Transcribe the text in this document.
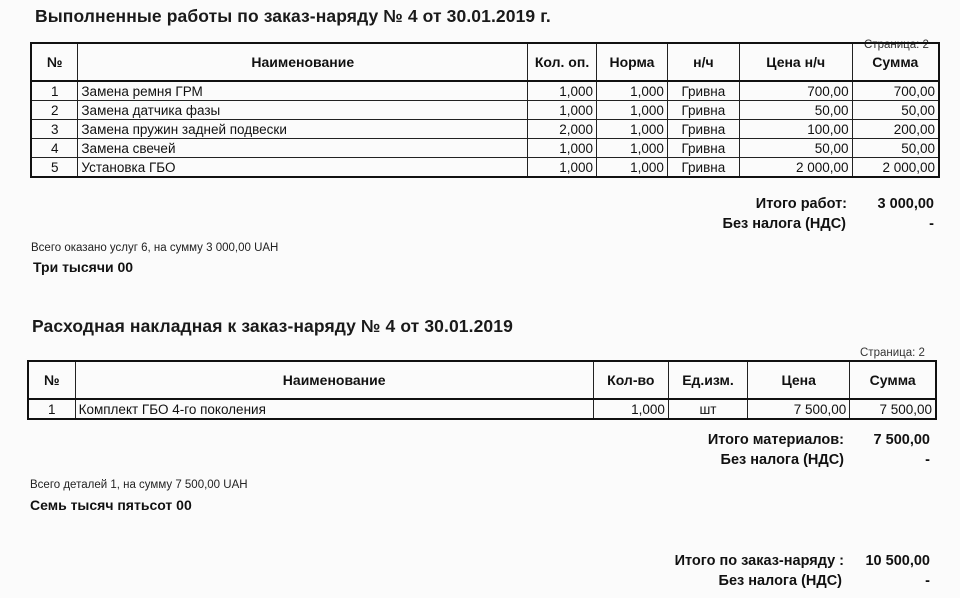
Выполненные работы по заказ-наряду № 4 от 30.01.2019 г.
Страница: 2
№	Наименование	Кол. оп.	Норма	н/ч	Цена н/ч	Сумма
1	Замена ремня ГРМ	1,000	1,000	Гривна	700,00	700,00
2	Замена датчика фазы	1,000	1,000	Гривна	50,00	50,00
3	Замена пружин задней подвески	2,000	1,000	Гривна	100,00	200,00
4	Замена свечей	1,000	1,000	Гривна	50,00	50,00
5	Установка ГБО	1,000	1,000	Гривна	2 000,00	2 000,00
Итого работ:	3 000,00
Без налога (НДС)	-
Всего оказано услуг 6, на сумму 3 000,00 UAH
Три тысячи 00
Расходная накладная к заказ-наряду № 4 от 30.01.2019
Страница: 2
№	Наименование	Кол-во	Ед.изм.	Цена	Сумма
1	Комплект ГБО 4-го поколения	1,000	шт	7 500,00	7 500,00
Итого материалов:	7 500,00
Без налога (НДС)	-
Всего деталей 1, на сумму 7 500,00 UAH
Семь тысяч пятьсот 00
Итого по заказ-наряду :	10 500,00
Без налога (НДС)	-
